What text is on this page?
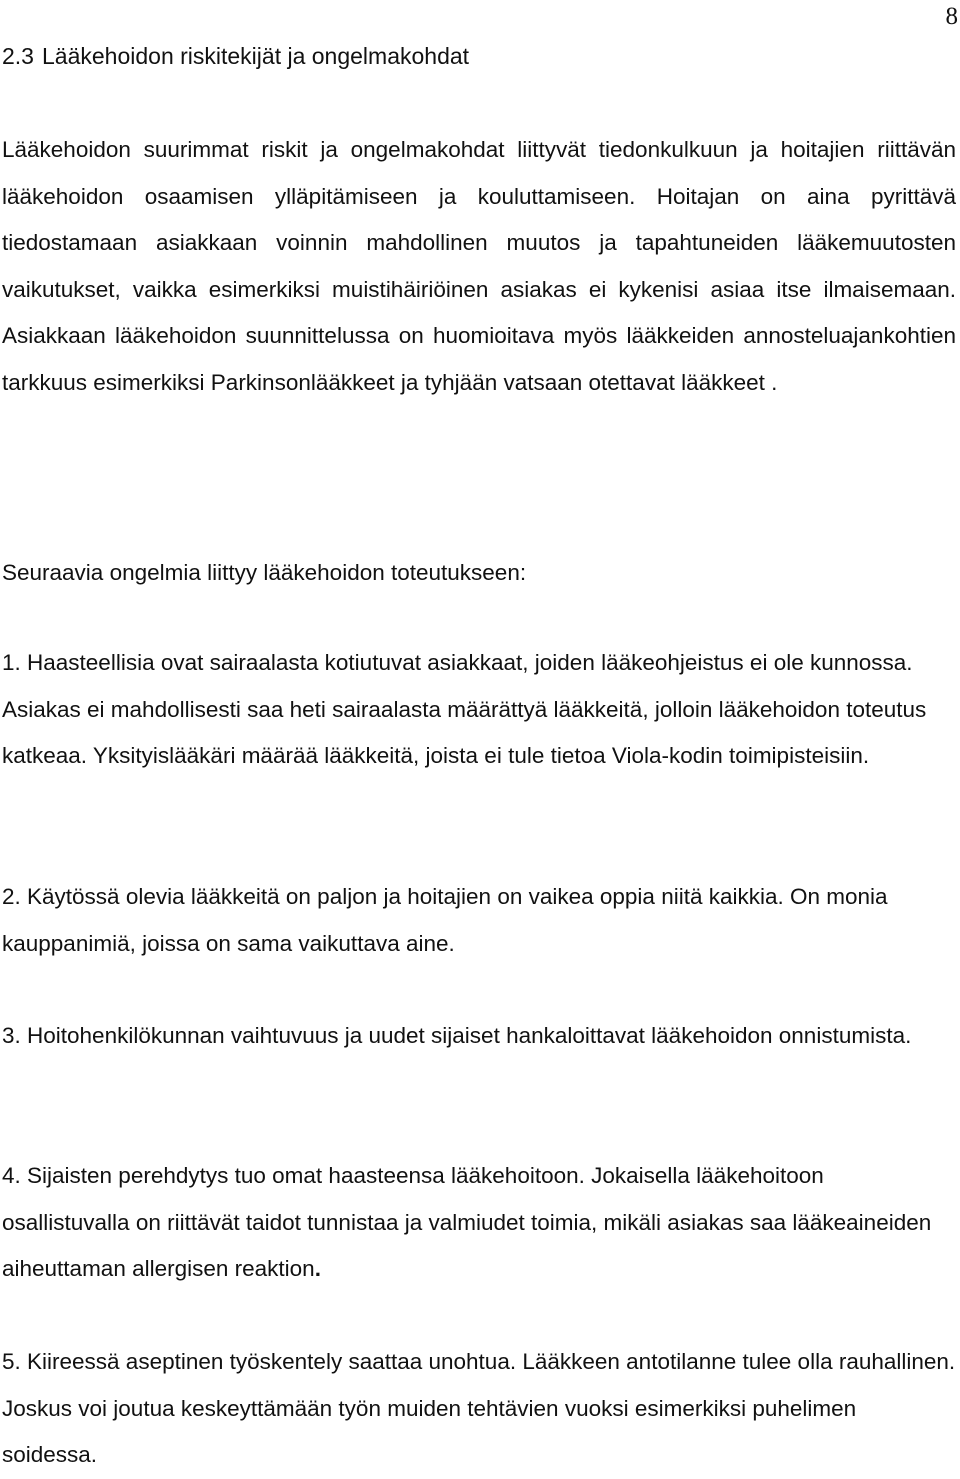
8
2.3 Lääkehoidon riskitekijät ja ongelmakohdat

Lääkehoidon suurimmat riskit ja ongelmakohdat liittyvät tiedonkulkuun ja hoitajien riittävän lääkehoidon osaamisen ylläpitämiseen ja kouluttamiseen. Hoitajan on aina pyrittävä tiedostamaan asiakkaan voinnin mahdollinen muutos ja tapahtuneiden lääkemuutosten vaikutukset, vaikka esimerkiksi muistihäiriöinen asiakas ei kykenisi asiaa itse ilmaisemaan. Asiakkaan lääkehoidon suunnittelussa on huomioitava myös lääkkeiden annosteluajankohtien tarkkuus esimerkiksi Parkinsonlääkkeet ja tyhjään vatsaan otettavat lääkkeet .

Seuraavia ongelmia liittyy lääkehoidon toteutukseen:

1. Haasteellisia ovat sairaalasta kotiutuvat asiakkaat, joiden lääkeohjeistus ei ole kunnossa. Asiakas ei mahdollisesti saa heti sairaalasta määrättyä lääkkeitä, jolloin lääkehoidon toteutus katkeaa. Yksityislääkäri määrää lääkkeitä, joista ei tule tietoa Viola-kodin toimipisteisiin.

2. Käytössä olevia lääkkeitä on paljon ja hoitajien on vaikea oppia niitä kaikkia. On monia kauppanimiä, joissa on sama vaikuttava aine.

3. Hoitohenkilökunnan vaihtuvuus ja uudet sijaiset hankaloittavat lääkehoidon onnistumista.

4. Sijaisten perehdytys tuo omat haasteensa lääkehoitoon. Jokaisella lääkehoitoon osallistuvalla on riittävät taidot tunnistaa ja valmiudet toimia, mikäli asiakas saa lääkeaineiden aiheuttaman allergisen reaktion.

5. Kiireessä aseptinen työskentely saattaa unohtua. Lääkkeen antotilanne tulee olla rauhallinen. Joskus voi joutua keskeyttämään työn muiden tehtävien vuoksi esimerkiksi puhelimen soidessa.
